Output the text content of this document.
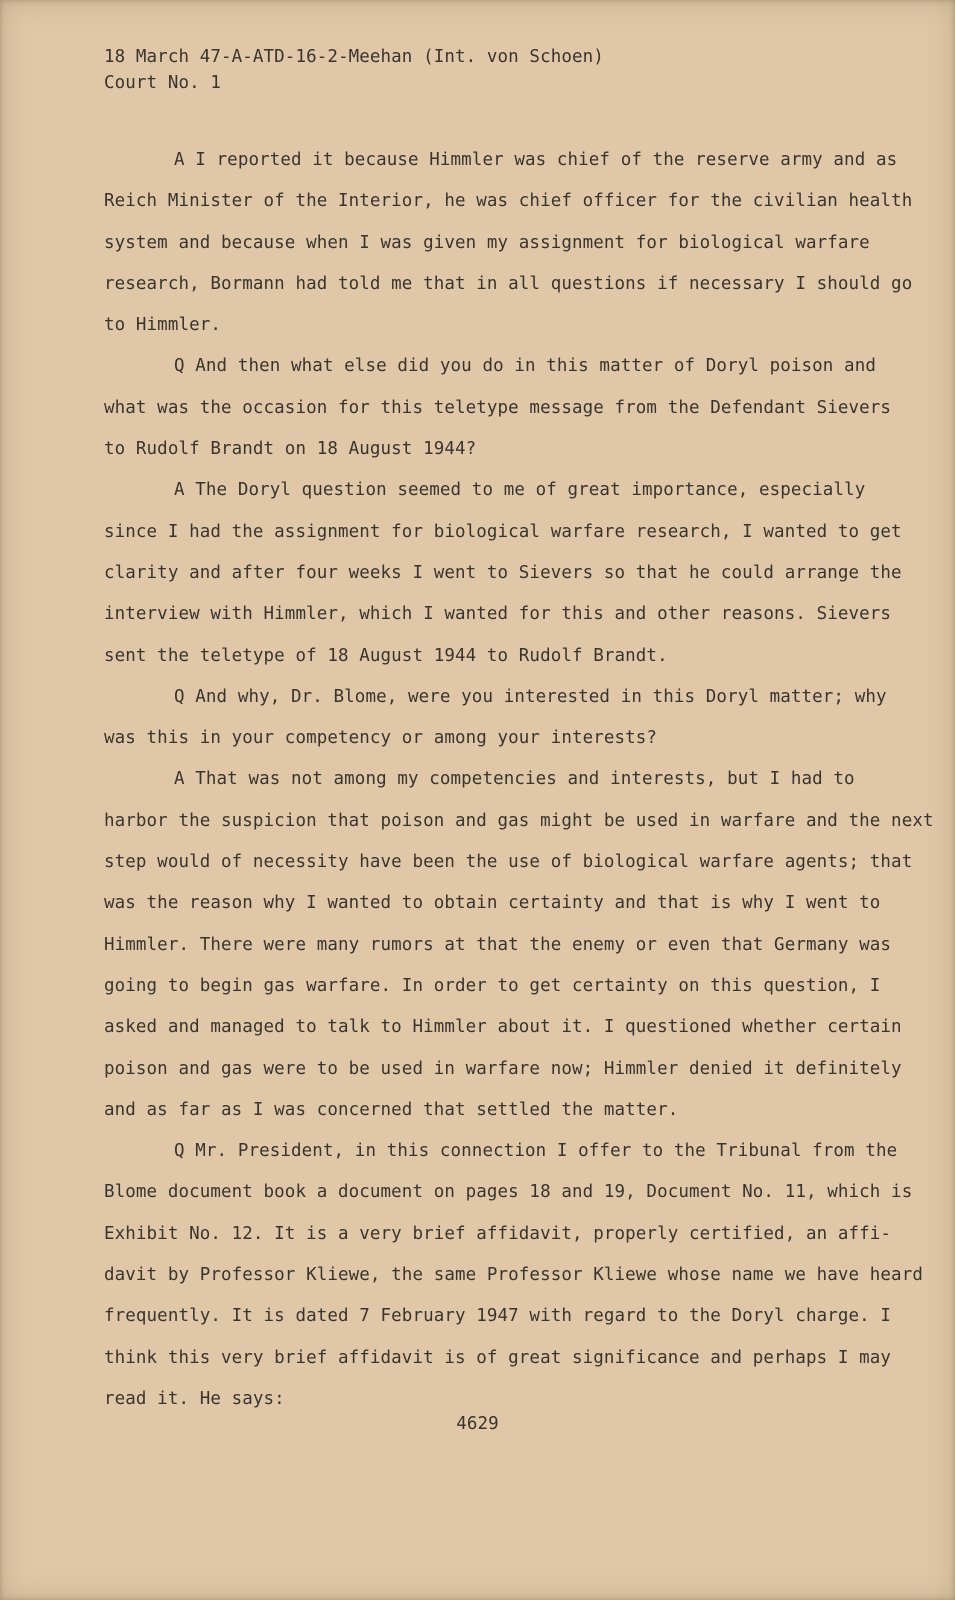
18 March 47-A-ATD-16-2-Meehan (Int. von Schoen)
Court No. 1

A I reported it because Himmler was chief of the reserve army and as

Reich Minister of the Interior, he was chief officer for the civilian health

system and because when I was given my assignment for biological warfare

research, Bormann had told me that in all questions if necessary I should go

to Himmler.

Q And then what else did you do in this matter of Doryl poison and

what was the occasion for this teletype message from the Defendant Sievers

to Rudolf Brandt on 18 August 1944?

A The Doryl question seemed to me of great importance, especially

since I had the assignment for biological warfare research, I wanted to get

clarity and after four weeks I went to Sievers so that he could arrange the

interview with Himmler, which I wanted for this and other reasons. Sievers

sent the teletype of 18 August 1944 to Rudolf Brandt.

Q And why, Dr. Blome, were you interested in this Doryl matter; why

was this in your competency or among your interests?

A That was not among my competencies and interests, but I had to

harbor the suspicion that poison and gas might be used in warfare and the next

step would of necessity have been the use of biological warfare agents; that

was the reason why I wanted to obtain certainty and that is why I went to

Himmler. There were many rumors at that the enemy or even that Germany was

going to begin gas warfare. In order to get certainty on this question, I

asked and managed to talk to Himmler about it. I questioned whether certain

poison and gas were to be used in warfare now; Himmler denied it definitely

and as far as I was concerned that settled the matter.

Q Mr. President, in this connection I offer to the Tribunal from the

Blome document book a document on pages 18 and 19, Document No. 11, which is

Exhibit No. 12. It is a very brief affidavit, properly certified, an affi-

davit by Professor Kliewe, the same Professor Kliewe whose name we have heard

frequently. It is dated 7 February 1947 with regard to the Doryl charge. I

think this very brief affidavit is of great significance and perhaps I may

read it. He says:

4629
